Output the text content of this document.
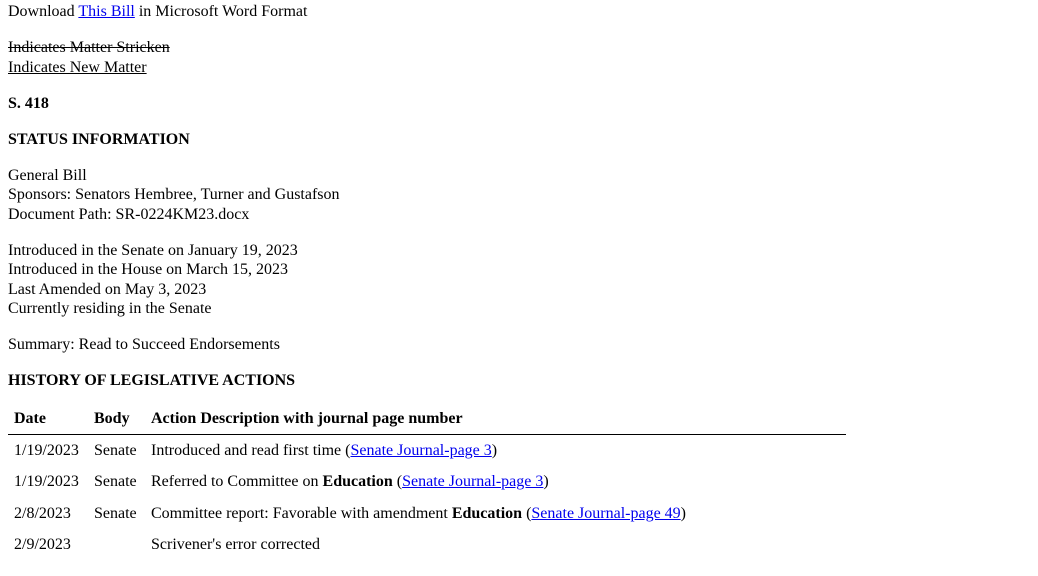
Download This Bill in Microsoft Word Format
Indicates Matter Stricken
Indicates New Matter
S. 418
STATUS INFORMATION
General Bill
Sponsors: Senators Hembree, Turner and Gustafson
Document Path: SR-0224KM23.docx
Introduced in the Senate on January 19, 2023
Introduced in the House on March 15, 2023
Last Amended on May 3, 2023
Currently residing in the Senate
Summary: Read to Succeed Endorsements
HISTORY OF LEGISLATIVE ACTIONS
Date	Body	Action Description with journal page number
1/19/2023	Senate	Introduced and read first time (Senate Journal-page 3)
1/19/2023	Senate	Referred to Committee on Education (Senate Journal-page 3)
2/8/2023	Senate	Committee report: Favorable with amendment Education (Senate Journal-page 49)
2/9/2023		Scrivener's error corrected
